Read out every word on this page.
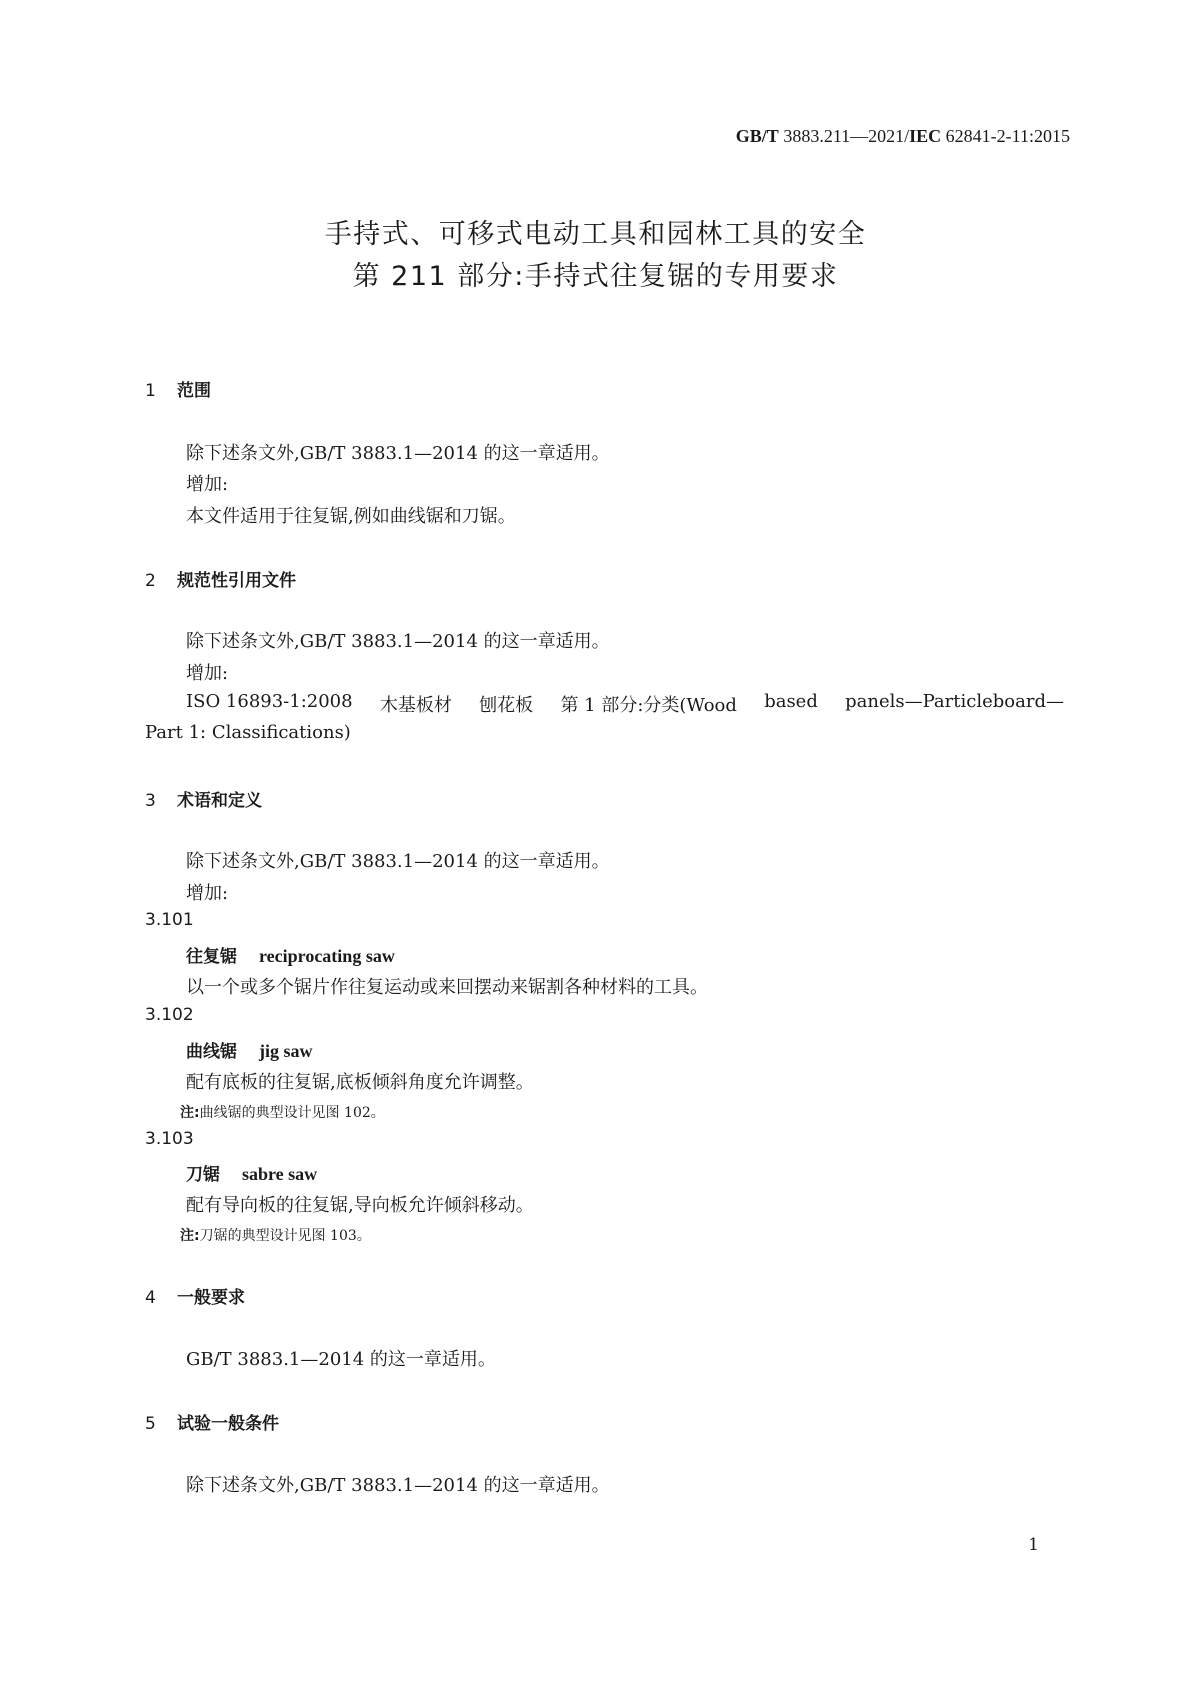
GB/T 3883.211—2021/IEC 62841-2-11:2015
手持式、可移式电动工具和园林工具的安全
第 211 部分:手持式往复锯的专用要求
1 范围
除下述条文外,GB/T 3883.1—2014 的这一章适用。
增加:
本文件适用于往复锯,例如曲线锯和刀锯。
2 规范性引用文件
除下述条文外,GB/T 3883.1—2014 的这一章适用。
增加:
ISO 16893-1:2008 木基板材 刨花板 第 1 部分:分类(Wood based panels—Particleboard—
Part 1: Classifications)
3 术语和定义
除下述条文外,GB/T 3883.1—2014 的这一章适用。
增加:
3.101
往复锯 reciprocating saw
以一个或多个锯片作往复运动或来回摆动来锯割各种材料的工具。
3.102
曲线锯 jig saw
配有底板的往复锯,底板倾斜角度允许调整。
注:曲线锯的典型设计见图 102。
3.103
刀锯 sabre saw
配有导向板的往复锯,导向板允许倾斜移动。
注:刀锯的典型设计见图 103。
4 一般要求
GB/T 3883.1—2014 的这一章适用。
5 试验一般条件
除下述条文外,GB/T 3883.1—2014 的这一章适用。
1
